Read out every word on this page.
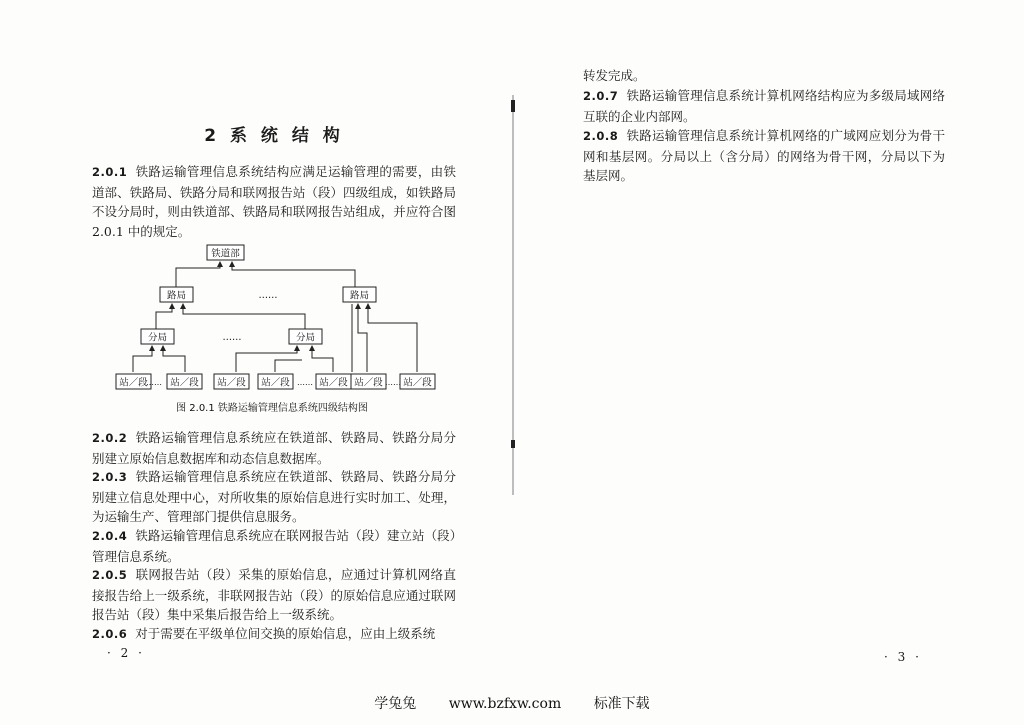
2 系 统 结 构

2.0.1 铁路运输管理信息系统结构应满足运输管理的需要，由铁道部、铁路局、铁路分局和联网报告站（段）四级组成，如铁路局不设分局时，则由铁道部、铁路局和联网报告站组成，并应符合图 2.0.1 中的规定。

铁道部
路局	路局
分局	分局
站／段 站／段 站／段 站／段	站／段 站／段 站／段
……
……
……	……	……
图 2.0.1 铁路运输管理信息系统四级结构图

2.0.2 铁路运输管理信息系统应在铁道部、铁路局、铁路分局分别建立原始信息数据库和动态信息数据库。

2.0.3 铁路运输管理信息系统应在铁道部、铁路局、铁路分局分别建立信息处理中心，对所收集的原始信息进行实时加工、处理，为运输生产、管理部门提供信息服务。

2.0.4 铁路运输管理信息系统应在联网报告站（段）建立站（段）管理信息系统。

2.0.5 联网报告站（段）采集的原始信息，应通过计算机网络直接报告给上一级系统，非联网报告站（段）的原始信息应通过联网报告站（段）集中采集后报告给上一级系统。

2.0.6 对于需要在平级单位间交换的原始信息，应由上级系统

· 2 ·

转发完成。

2.0.7 铁路运输管理信息系统计算机网络结构应为多级局域网络互联的企业内部网。

2.0.8 铁路运输管理信息系统计算机网络的广域网应划分为骨干网和基层网。分局以上（含分局）的网络为骨干网，分局以下为基层网。

· 3 ·
学兔兔 www.bzfxw.com 标准下载
